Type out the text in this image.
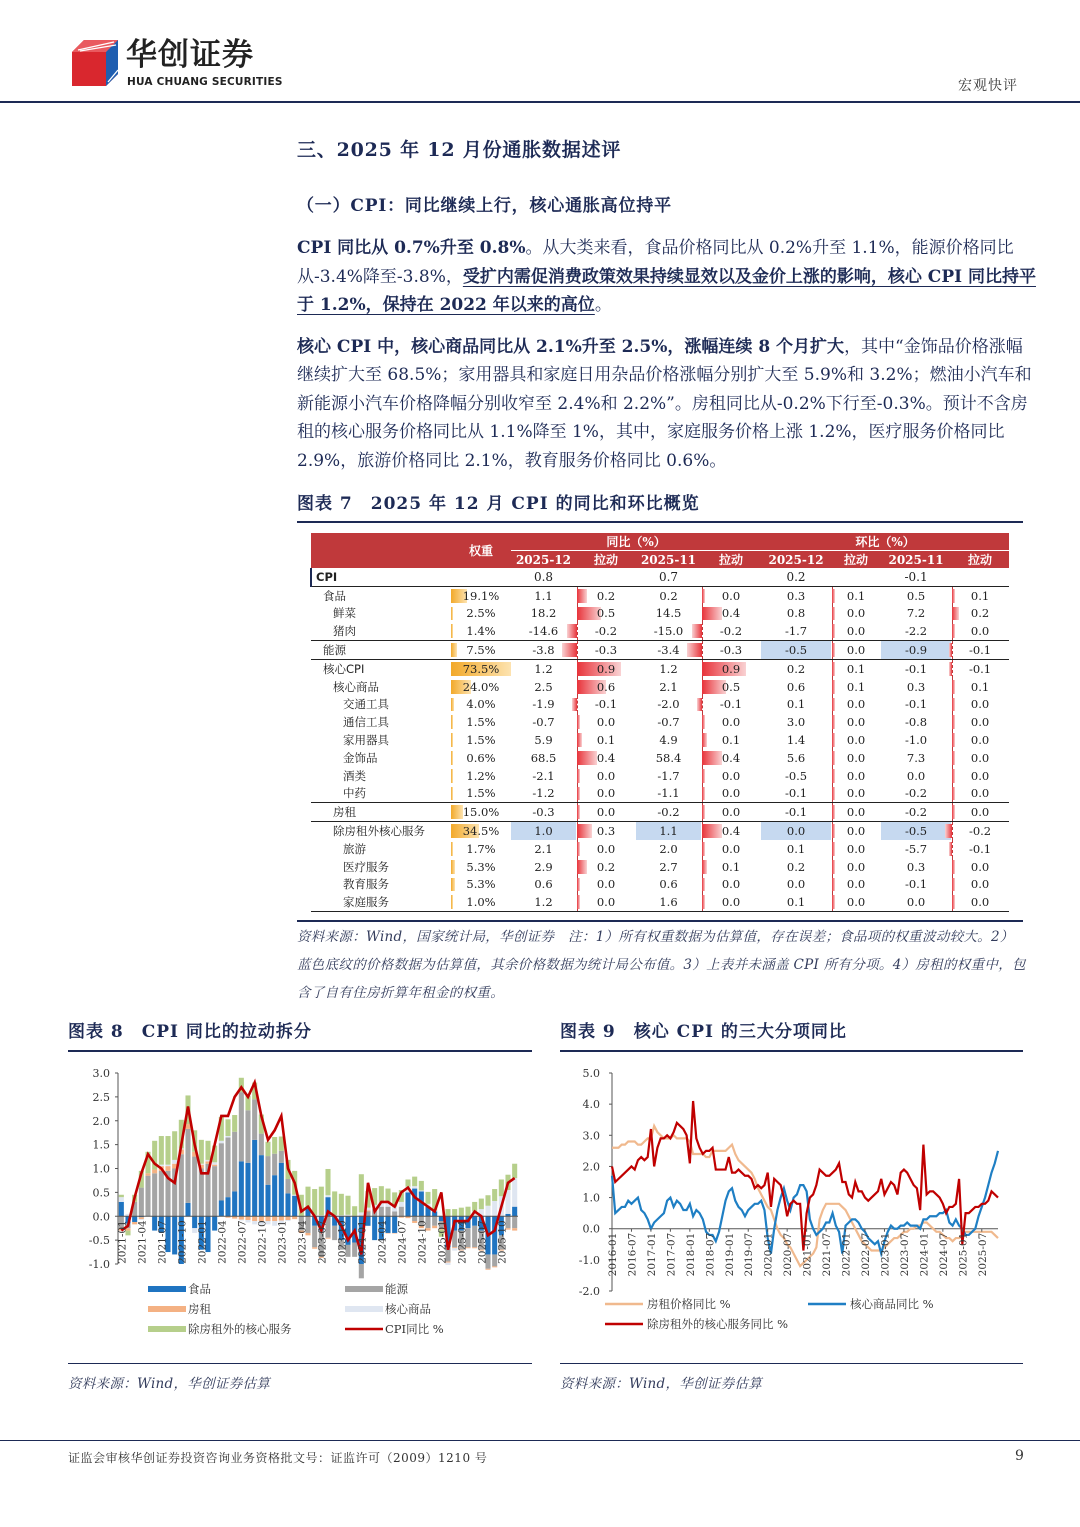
华创证券
HUA CHUANG SECURITIES	宏观快评
三、2025 年 12 月份通胀数据述评
（一）CPI：同比继续上行，核心通胀高位持平
CPI 同比从 0.7%升至 0.8%。从大类来看，食品价格同比从 0.2%升至 1.1%，能源价格同比从-3.4%降至-3.8%，受扩内需促消费政策效果持续显效以及金价上涨的影响，核心 CPI 同比持平于 1.2%，保持在 2022 年以来的高位。
核心 CPI 中，核心商品同比从 2.1%升至 2.5%，涨幅连续 8 个月扩大，其中“金饰品价格涨幅继续扩大至 68.5%；家用器具和家庭日用杂品价格涨幅分别扩大至 5.9%和 3.2%；燃油小汽车和新能源小汽车价格降幅分别收窄至 2.4%和 2.2%”。房租同比从-0.2%下行至-0.3%。预计不含房租的核心服务价格同比从 1.1%降至 1%，其中，家庭服务价格上涨 1.2%，医疗服务价格同比 2.9%，旅游价格同比 2.1%，教育服务价格同比 0.6%。
图表 7　2025 年 12 月 CPI 的同比和环比概览
	权重	同比（%）				环比（%）			
		2025-12	拉动	2025-11	拉动	2025-12	拉动	2025-11	拉动
CPI		0.8		0.7		0.2		-0.1	
食品	19.1%	1.1	0.2	0.2	0.0	0.3	0.1	0.5	0.1
鲜菜	2.5%	18.2	0.5	14.5	0.4	0.8	0.0	7.2	0.2
猪肉	1.4%	-14.6	-0.2	-15.0	-0.2	-1.7	0.0	-2.2	0.0
能源	7.5%	-3.8	-0.3	-3.4	-0.3	-0.5	0.0	-0.9	-0.1
核心CPI	73.5%	1.2	0.9	1.2	0.9	0.2	0.1	-0.1	-0.1
核心商品	24.0%	2.5	0.6	2.1	0.5	0.6	0.1	0.3	0.1
交通工具	4.0%	-1.9	-0.1	-2.0	-0.1	0.1	0.0	-0.1	0.0
通信工具	1.5%	-0.7	0.0	-0.7	0.0	3.0	0.0	-0.8	0.0
家用器具	1.5%	5.9	0.1	4.9	0.1	1.4	0.0	-1.0	0.0
金饰品	0.6%	68.5	0.4	58.4	0.4	5.6	0.0	7.3	0.0
酒类	1.2%	-2.1	0.0	-1.7	0.0	-0.5	0.0	0.0	0.0
中药	1.5%	-1.2	0.0	-1.1	0.0	-0.1	0.0	-0.2	0.0
房租	15.0%	-0.3	0.0	-0.2	0.0	-0.1	0.0	-0.2	0.0
除房租外核心服务	34.5%	1.0	0.3	1.1	0.4	0.0	0.0	-0.5	-0.2
旅游	1.7%	2.1	0.0	2.0	0.0	0.1	0.0	-5.7	-0.1
医疗服务	5.3%	2.9	0.2	2.7	0.1	0.2	0.0	0.3	0.0
教育服务	5.3%	0.6	0.0	0.6	0.0	0.0	0.0	-0.1	0.0
家庭服务	1.0%	1.2	0.0	1.6	0.0	0.1	0.0	0.0	0.0
资料来源：Wind，国家统计局，华创证券　注：1）所有权重数据为估算值，存在误差；食品项的权重波动较大。2）蓝色底纹的价格数据为估算值，其余价格数据为统计局公布值。3）上表并未涵盖 CPI 所有分项。4）房租的权重中，包含了自有住房折算年租金的权重。
图表 8　CPI 同比的拉动拆分
3.0
2.5
2.0
1.5
1.0
0.5
0.0
-0.5
-1.0
2021-01 2021-04 2021-07 2021-10 2022-01 2022-04 2022-07 2022-10 2023-01 2023-04 2023-07 2023-10 2024-01 2024-04 2024-07 2024-10 2025-01 2025-04 2025-07 2025-10
食品	能源
房租	核心商品
除房租外的核心服务	CPI同比 %
资料来源：Wind，华创证券估算
图表 9　核心 CPI 的三大分项同比
5.0
4.0
3.0
2.0
1.0
0.0
-1.0
-2.0
2016-01 2016-07 2017-01 2017-07 2018-01 2018-07 2019-01 2019-07 2020-01 2020-07 2021-01 2021-07 2022-01 2022-07 2023-01 2023-07 2024-01 2024-07 2025-01 2025-07
房租价格同比 %	核心商品同比 %
除房租外的核心服务同比 %
资料来源：Wind，华创证券估算
证监会审核华创证券投资咨询业务资格批文号：证监许可（2009）1210 号	9
